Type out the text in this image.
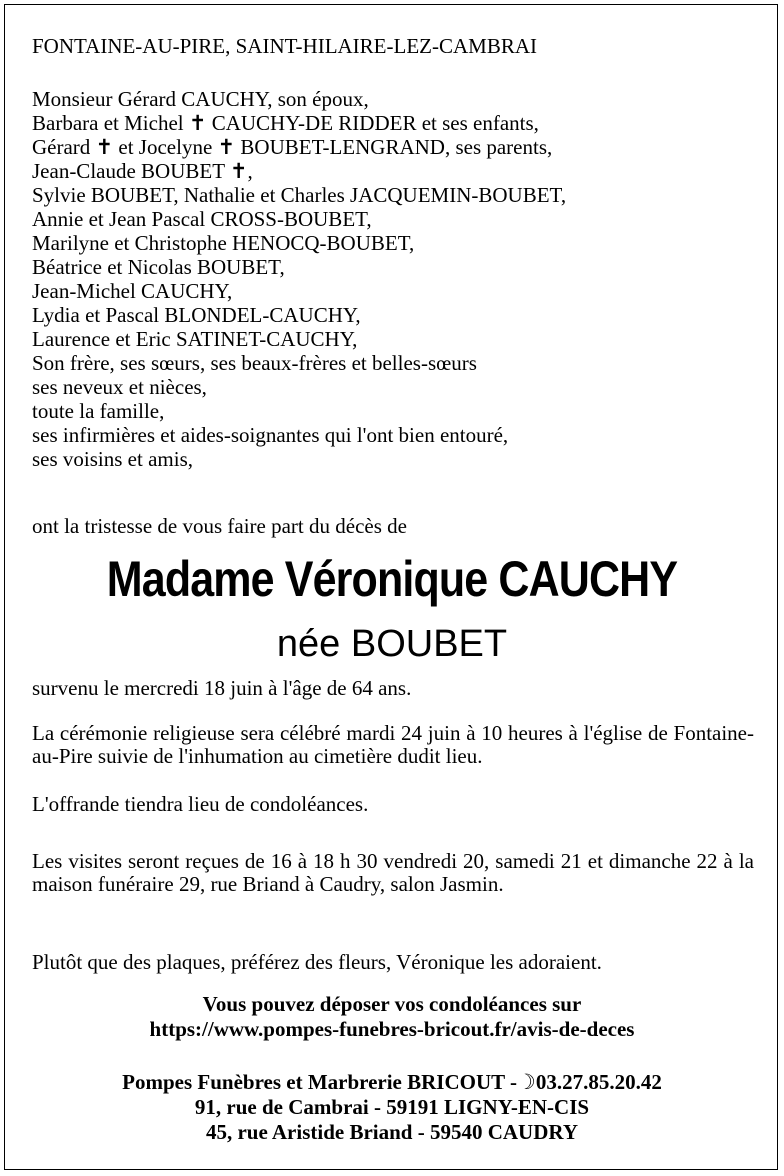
FONTAINE-AU-PIRE, SAINT-HILAIRE-LEZ-CAMBRAI
Monsieur Gérard CAUCHY, son époux,
Barbara et Michel ✝ CAUCHY-DE RIDDER et ses enfants,
Gérard ✝ et Jocelyne ✝ BOUBET-LENGRAND, ses parents,
Jean-Claude BOUBET ✝,
Sylvie BOUBET, Nathalie et Charles JACQUEMIN-BOUBET,
Annie et Jean Pascal CROSS-BOUBET,
Marilyne et Christophe HENOCQ-BOUBET,
Béatrice et Nicolas BOUBET,
Jean-Michel CAUCHY,
Lydia et Pascal BLONDEL-CAUCHY,
Laurence et Eric SATINET-CAUCHY,
Son frère, ses sœurs, ses beaux-frères et belles-sœurs
ses neveux et nièces,
toute la famille,
ses infirmières et aides-soignantes qui l'ont bien entouré,
ses voisins et amis,
ont la tristesse de vous faire part du décès de
Madame Véronique CAUCHY
née BOUBET
survenu le mercredi 18 juin à l'âge de 64 ans.
La cérémonie religieuse sera célébré mardi 24 juin à 10 heures à l'église de Fontaine-au-Pire suivie de l'inhumation au cimetière dudit lieu.
L'offrande tiendra lieu de condoléances.
Les visites seront reçues de 16 à 18 h 30 vendredi 20, samedi 21 et dimanche 22 à la maison funéraire 29, rue Briand à Caudry, salon Jasmin.
Plutôt que des plaques, préférez des fleurs, Véronique les adoraient.
Vous pouvez déposer vos condoléances sur
https://www.pompes-funebres-bricout.fr/avis-de-deces
Pompes Funèbres et Marbrerie BRICOUT -☽03.27.85.20.42
91, rue de Cambrai - 59191 LIGNY-EN-CIS
45, rue Aristide Briand - 59540 CAUDRY
